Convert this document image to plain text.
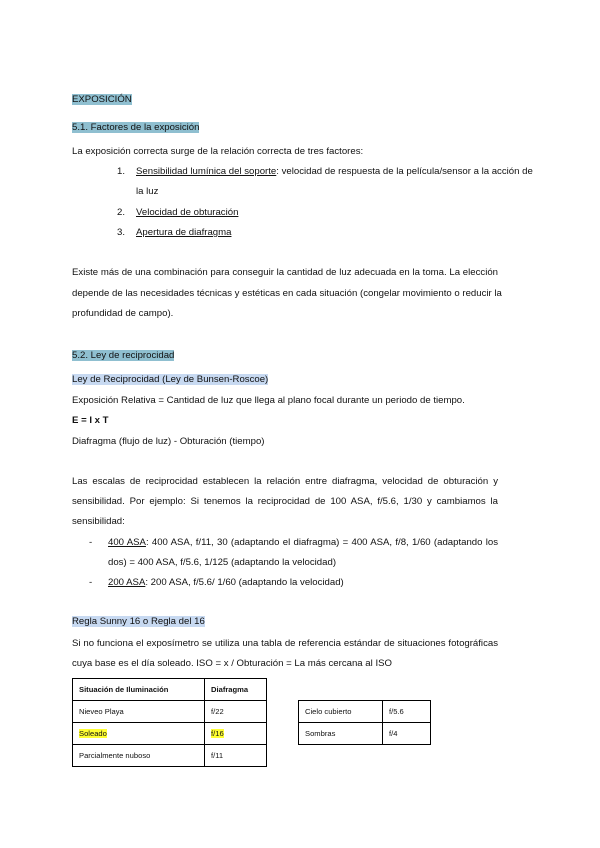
EXPOSICIÓN
5.1. Factores de la exposición
La exposición correcta surge de la relación correcta de tres factores:
1. Sensibilidad lumínica del soporte: velocidad de respuesta de la película/sensor a la acción de
la luz
2. Velocidad de obturación
3. Apertura de diafragma
Existe más de una combinación para conseguir la cantidad de luz adecuada en la toma. La elección
depende de las necesidades técnicas y estéticas en cada situación (congelar movimiento o reducir la
profundidad de campo).
5.2. Ley de reciprocidad
Ley de Reciprocidad (Ley de Bunsen-Roscoe)
Exposición Relativa = Cantidad de luz que llega al plano focal durante un periodo de tiempo.
E = I x T
Diafragma (flujo de luz) - Obturación (tiempo)
Las escalas de reciprocidad establecen la relación entre diafragma, velocidad de obturación y
sensibilidad. Por ejemplo: Si tenemos la reciprocidad de 100 ASA, f/5.6, 1/30 y cambiamos la
sensibilidad:
- 400 ASA: 400 ASA, f/11, 30 (adaptando el diafragma) = 400 ASA, f/8, 1/60 (adaptando los
dos) = 400 ASA, f/5.6, 1/125 (adaptando la velocidad)
- 200 ASA: 200 ASA, f/5.6/ 1/60 (adaptando la velocidad)
Regla Sunny 16 o Regla del 16
Si no funciona el exposímetro se utiliza una tabla de referencia estándar de situaciones fotográficas
cuya base es el día soleado. ISO = x / Obturación = La más cercana al ISO
Situación de Iluminación	Diafragma
Nieveo Playa	f/22
Soleado	f/16
Parcialmente nuboso	f/11
Cielo cubierto	f/5.6
Sombras	f/4
